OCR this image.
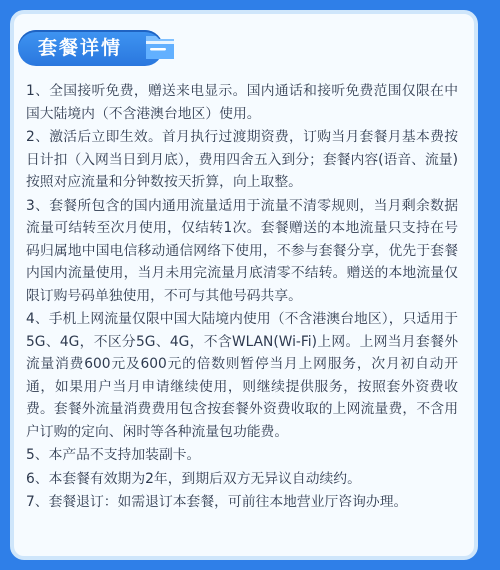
套餐详情

1、全国接听免费，赠送来电显示。国内通话和接听免费范围仅限在中国大陆境内（不含港澳台地区）使用。

2、激活后立即生效。首月执行过渡期资费，订购当月套餐月基本费按日计扣（入网当日到月底），费用四舍五入到分；套餐内容(语音、流量)按照对应流量和分钟数按天折算，向上取整。

3、套餐所包含的国内通用流量适用于流量不清零规则，当月剩余数据流量可结转至次月使用，仅结转1次。套餐赠送的本地流量只支持在号码归属地中国电信移动通信网络下使用，不参与套餐分享，优先于套餐内国内流量使用，当月未用完流量月底清零不结转。赠送的本地流量仅限订购号码单独使用，不可与其他号码共享。

4、手机上网流量仅限中国大陆境内使用（不含港澳台地区），只适用于5G、4G，不区分5G、4G，不含WLAN(Wi-Fi)上网。上网当月套餐外流量消费600元及600元的倍数则暂停当月上网服务，次月初自动开通，如果用户当月申请继续使用，则继续提供服务，按照套外资费收费。套餐外流量消费费用包含按套餐外资费收取的上网流量费，不含用户订购的定向、闲时等各种流量包功能费。

5、本产品不支持加装副卡。

6、本套餐有效期为2年，到期后双方无异议自动续约。

7、套餐退订：如需退订本套餐，可前往本地营业厅咨询办理。
